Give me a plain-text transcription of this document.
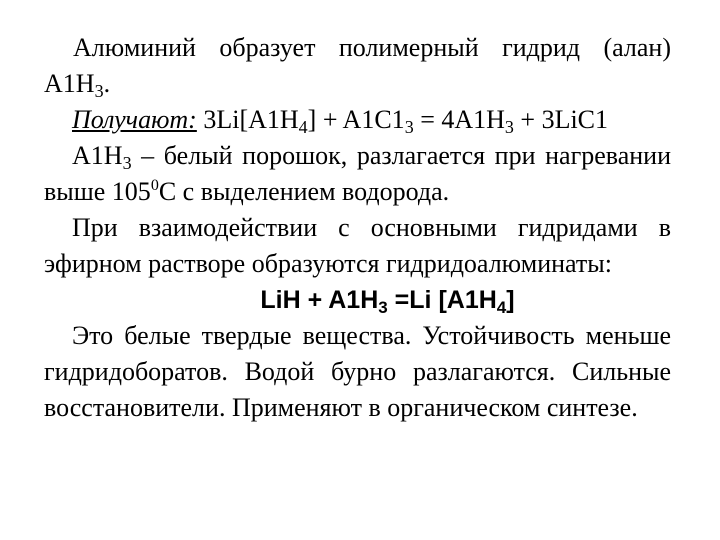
Алюминий образует полимерный гидрид (алан) $A1H_3$.

Получают: $3Li[A1H_4] + A1C1_3 = 4A1H_3 + 3LiC1$

$A1H_3$ – белый порошок, разлагается при нагревании выше $105^0С$ с выделением водорода.

При взаимодействии с основными гидридами в эфирном растворе образуются гидридоалюминаты:

LiH + $A1H_3 =Li$ $[A1H_4]$

Это белые твердые вещества. Устойчивость меньше гидридоборатов. Водой бурно разлагаются. Сильные восстановители. Применяют в органическом синтезе.
